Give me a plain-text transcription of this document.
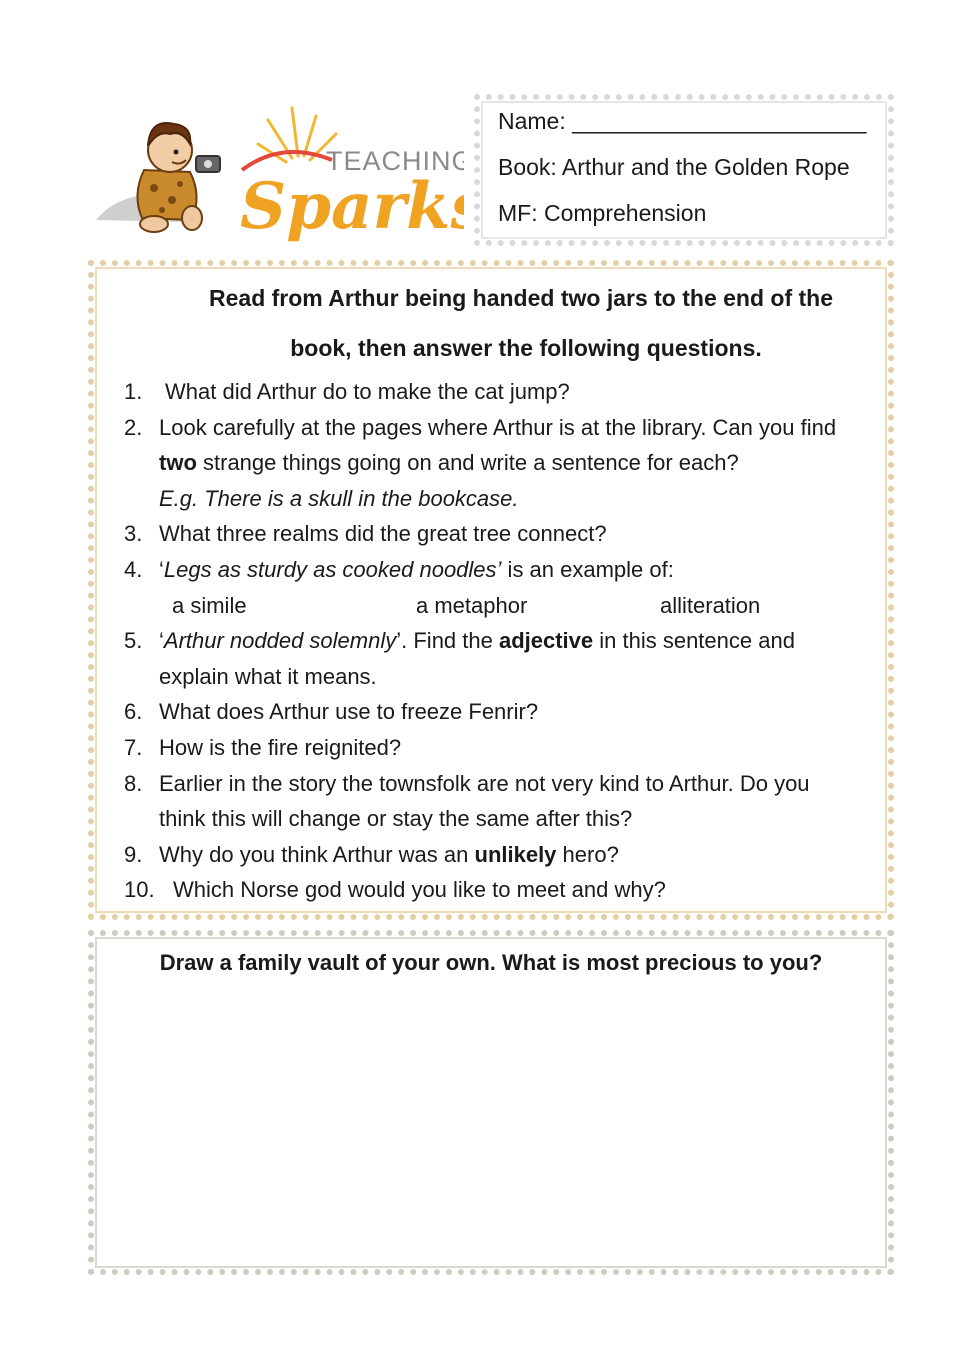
TEACHING
Sparks
Name: _______________________
Book: Arthur and the Golden Rope
MF: Comprehension
Read from Arthur being handed two jars to the end of the
book, then answer the following questions.
1. What did Arthur do to make the cat jump?
2. Look carefully at the pages where Arthur is at the library. Can you find
two strange things going on and write a sentence for each?
E.g. There is a skull in the bookcase.
3. What three realms did the great tree connect?
4. ‘Legs as sturdy as cooked noodles’ is an example of:
a simile	a metaphor	alliteration
5. ‘Arthur nodded solemnly’. Find the adjective in this sentence and
explain what it means.
6. What does Arthur use to freeze Fenrir?
7. How is the fire reignited?
8. Earlier in the story the townsfolk are not very kind to Arthur. Do you
think this will change or stay the same after this?
9. Why do you think Arthur was an unlikely hero?
10. Which Norse god would you like to meet and why?
Draw a family vault of your own. What is most precious to you?
